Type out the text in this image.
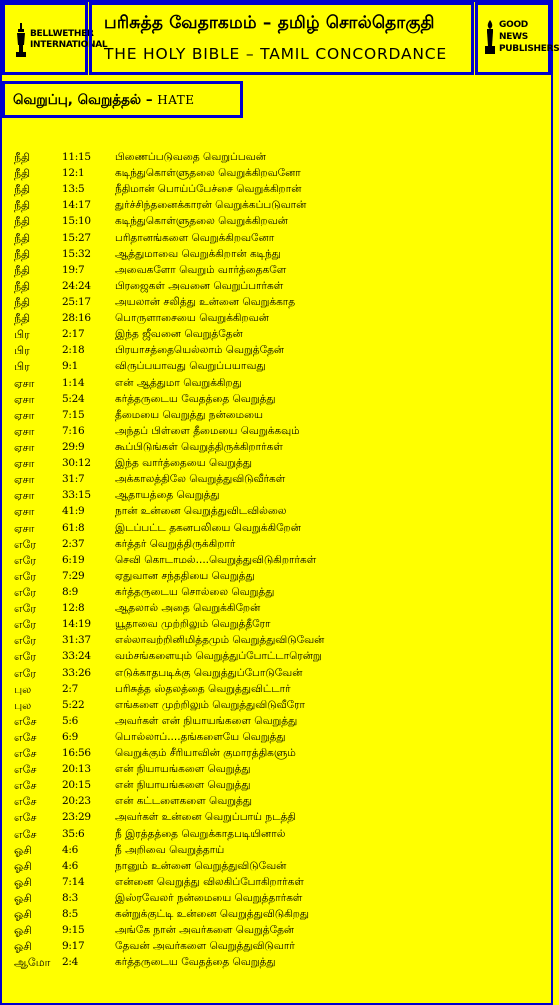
BELLWETHER
INTERNATIONAL
பரிசுத்த வேதாகமம் – தமிழ் சொல்தொகுதி
THE HOLY BIBLE – TAMIL CONCORDANCE
GOOD NEWS
PUBLISHERS
வெறுப்பு, வெறுத்தல் – HATE
நீதி	11:15 பிணைப்படுவதை வெறுப்பவன்
நீதி	12:1	கடிந்துகொள்ளுதலை வெறுக்கிறவனோ
நீதி	13:5	நீதிமான் பொய்ப்பேச்சை வெறுக்கிறான்
நீதி	14:17 துர்ச்சிந்தனைக்காரன் வெறுக்கப்படுவான்
நீதி	15:10 கடிந்துகொள்ளுதலை வெறுக்கிறவன்
நீதி	15:27 பரிதானங்களை வெறுக்கிறவனோ
நீதி	15:32 ஆத்துமாவை வெறுக்கிறான் கடிந்து
நீதி	19:7	அவைகளோ வெறும் வார்த்தைகளே
நீதி	24:24 பிரஜைகள் அவனை வெறுப்பார்கள்
நீதி	25:17 அயலான் சலித்து உன்னை வெறுக்காத
நீதி	28:16 பொருளாசையை வெறுக்கிறவன்
பிர	2:17	இந்த ஜீவனை வெறுத்தேன்
பிர	2:18	பிரயாசத்தையெல்லாம் வெறுத்தேன்
பிர	9:1	விருப்பயாவது வெறுப்பயாவது
ஏசா	1:14	என் ஆத்துமா வெறுக்கிறது
ஏசா	5:24	கர்த்தருடைய வேதத்தை வெறுத்து
ஏசா	7:15	தீமையை வெறுத்து நன்மையை
ஏசா	7:16	அந்தப் பிள்ளை தீமையை வெறுக்கவும்
ஏசா	29:9	கூப்பிடுங்கள் வெறுத்திருக்கிறார்கள்
ஏசா	30:12 இந்த வார்த்தையை வெறுத்து
ஏசா	31:7	அக்காலத்திலே வெறுத்துவிடுவீர்கள்
ஏசா	33:15 ஆதாயத்தை வெறுத்து
ஏசா	41:9	நான் உன்னை வெறுத்துவிடவில்லை
ஏசா	61:8	இடப்பட்ட தகனபலியை வெறுக்கிறேன்
எரே 2:37	கர்த்தர் வெறுத்திருக்கிறார்
எரே 6:19	செவி கொடாமல்....வெறுத்துவிடுகிறார்கள்
எரே 7:29	ஏதுவான சந்ததியை வெறுத்து
எரே 8:9	கர்த்தருடைய சொல்லை வெறுத்து
எரே 12:8	ஆதலால் அதை வெறுக்கிறேன்
எரே 14:19 யூதாவை முற்றிலும் வெறுத்தீரோ
எரே 31:37 எல்லாவற்றினிமித்தமும் வெறுத்துவிடுவேன்
எரே 33:24 வம்சங்களையும் வெறுத்துப்போட்டாரென்று
எரே 33:26 எடுக்காதபடிக்கு வெறுத்துப்போடுவேன்
புல	2:7	பரிசுத்த ஸ்தலத்தை வெறுத்துவிட்டார்
புல	5:22	எங்களை முற்றிலும் வெறுத்துவிடுவீரோ
எசே 5:6	அவர்கள் என் நியாயங்களை வெறுத்து
எசே 6:9	பொல்லாப்....தங்களையே வெறுத்து
எசே 16:56 வெறுக்கும் சீரியாவின் குமாரத்திகளும்
எசே 20:13 என் நியாயங்களை வெறுத்து
எசே 20:15 என் நியாயங்களை வெறுத்து
எசே 20:23 என் கட்டளைகளை வெறுத்து
எசே 23:29 அவர்கள் உன்னை வெறுப்பாய் நடத்தி
எசே 35:6	நீ இரத்தத்தை வெறுக்காதபடியினால்
ஓசி	4:6	நீ அறிவை வெறுத்தாய்
ஓசி	4:6	நானும் உன்னை வெறுத்துவிடுவேன்
ஓசி	7:14	என்னை வெறுத்து விலகிப்போகிறார்கள்
ஓசி	8:3	இஸ்ரவேலர் நன்மையை வெறுத்தார்கள்
ஓசி	8:5	கன்றுக்குட்டி உன்னை வெறுத்துவிடுகிறது
ஓசி	9:15	அங்கே நான் அவர்களை வெறுத்தேன்
ஓசி	9:17	தேவன் அவர்களை வெறுத்துவிடுவார்
ஆமோ 2:4	கர்த்தருடைய வேதத்தை வெறுத்து
